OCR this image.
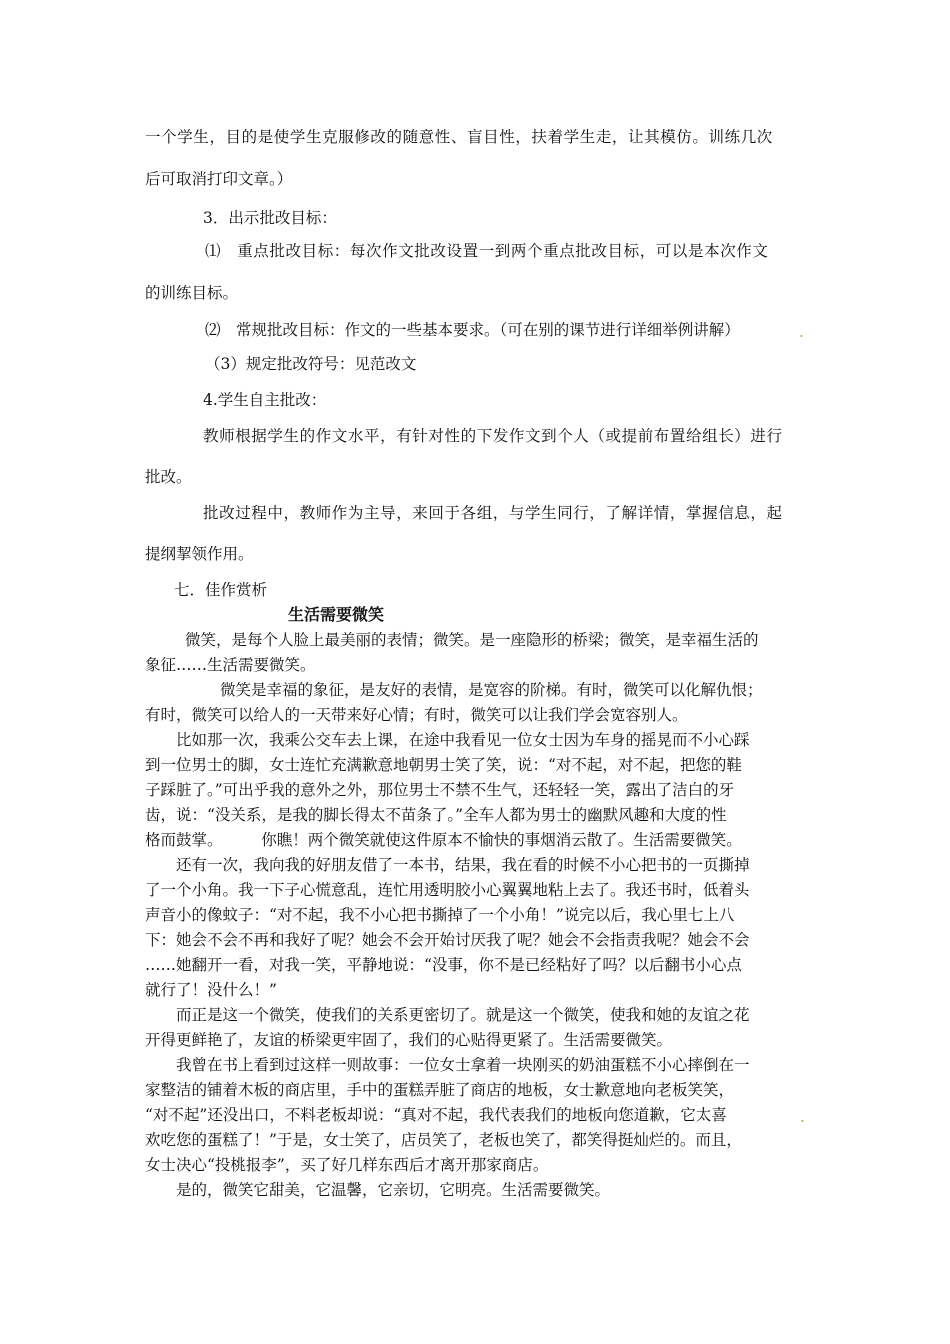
一个学生，目的是使学生克服修改的随意性、盲目性，扶着学生走，让其模仿。训练几次
后可取消打印文章。）
3．出示批改目标：
⑴　重点批改目标：每次作文批改设置一到两个重点批改目标，可以是本次作文
的训练目标。
⑵　常规批改目标：作文的一些基本要求。（可在别的课节进行详细举例讲解）	.
（3）规定批改符号：见范改文
4.学生自主批改：
教师根据学生的作文水平，有针对性的下发作文到个人（或提前布置给组长）进行
批改。
批改过程中，教师作为主导，来回于各组，与学生同行，了解详情，掌握信息，起
提纲挈领作用。
七．佳作赏析
生活需要微笑
微笑，是每个人脸上最美丽的表情；微笑。是一座隐形的桥梁；微笑，是幸福生活的
象征……生活需要微笑。
微笑是幸福的象征，是友好的表情，是宽容的阶梯。有时，微笑可以化解仇恨；
有时，微笑可以给人的一天带来好心情；有时，微笑可以让我们学会宽容别人。
比如那一次，我乘公交车去上课，在途中我看见一位女士因为车身的摇晃而不小心踩
到一位男士的脚，女士连忙充满歉意地朝男士笑了笑，说：“对不起，对不起，把您的鞋
子踩脏了。”可出乎我的意外之外，那位男士不禁不生气，还轻轻一笑，露出了洁白的牙
齿，说：“没关系，是我的脚长得太不苗条了。”全车人都为男士的幽默风趣和大度的性
格而鼓掌。　　　你瞧！两个微笑就使这件原本不愉快的事烟消云散了。生活需要微笑。
还有一次，我向我的好朋友借了一本书，结果，我在看的时候不小心把书的一页撕掉
了一个小角。我一下子心慌意乱，连忙用透明胶小心翼翼地粘上去了。我还书时，低着头
声音小的像蚊子：“对不起，我不小心把书撕掉了一个小角！”说完以后，我心里七上八
下：她会不会不再和我好了呢？她会不会开始讨厌我了呢？她会不会指责我呢？她会不会
……她翻开一看，对我一笑，平静地说：“没事，你不是已经粘好了吗？以后翻书小心点
就行了！没什么！”
而正是这一个微笑，使我们的关系更密切了。就是这一个微笑，使我和她的友谊之花
开得更鲜艳了，友谊的桥梁更牢固了，我们的心贴得更紧了。生活需要微笑。
我曾在书上看到过这样一则故事：一位女士拿着一块刚买的奶油蛋糕不小心摔倒在一
家整洁的铺着木板的商店里，手中的蛋糕弄脏了商店的地板，女士歉意地向老板笑笑，
“对不起”还没出口，不料老板却说：“真对不起，我代表我们的地板向您道歉，它太喜	.
欢吃您的蛋糕了！”于是，女士笑了，店员笑了，老板也笑了，都笑得挺灿烂的。而且，
女士决心“投桃报李”，买了好几样东西后才离开那家商店。
是的，微笑它甜美，它温馨，它亲切，它明亮。生活需要微笑。
